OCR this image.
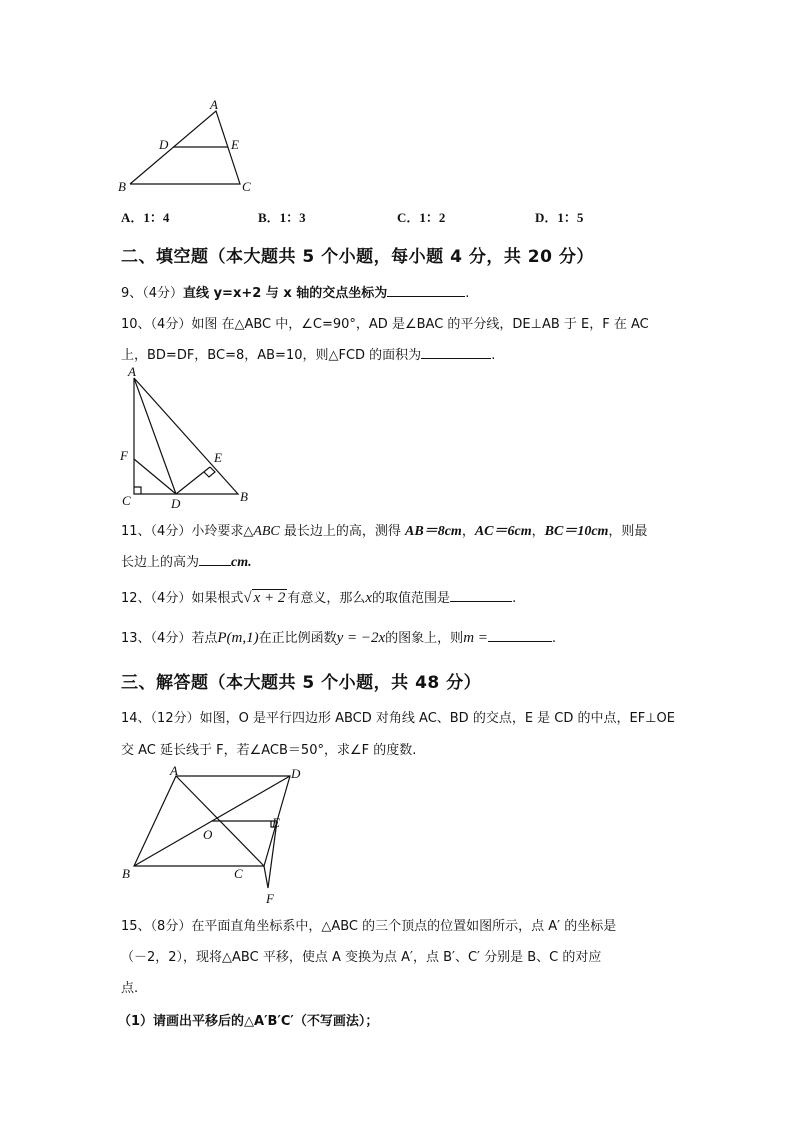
A
D	E
B	C
A．1：4	B．1：3	C．1：2	D．1：5
二、填空题（本大题共 5 个小题，每小题 4 分，共 20 分）
9、（4分）直线 y=x+2 与 x 轴的交点坐标为	.
10、（4分）如图 在△ABC 中，∠C=90°，AD 是∠BAC 的平分线，DE⊥AB 于 E，F 在 AC
上，BD=DF，BC=8，AB=10，则△FCD 的面积为	.
A
F
C	D
E
B
11、（4分）小玲要求△ABC 最长边上的高，测得 AB＝8cm，AC＝6cm，BC＝10cm，则最
长边上的高为 cm.
12、（4分）如果根式√ x + 2 有意义，那么x的取值范围是	.
13、（4分）若点P(m,1)在正比例函数y = −2x的图象上，则m =	.
三、解答题（本大题共 5 个小题，共 48 分）
14、（12分）如图，O 是平行四边形 ABCD 对角线 AC、BD 的交点，E 是 CD 的中点，EF⊥OE
交 AC 延长线于 F，若∠ACB＝50°，求∠F 的度数.
A	D
O
E
B	C
F
15、（8分）在平面直角坐标系中，△ABC 的三个顶点的位置如图所示，点 A′ 的坐标是
（－2，2），现将△ABC 平移，使点 A 变换为点 A′，点 B′、C′ 分别是 B、C 的对应
点.
（1）请画出平移后的△A′B′C′（不写画法）；
